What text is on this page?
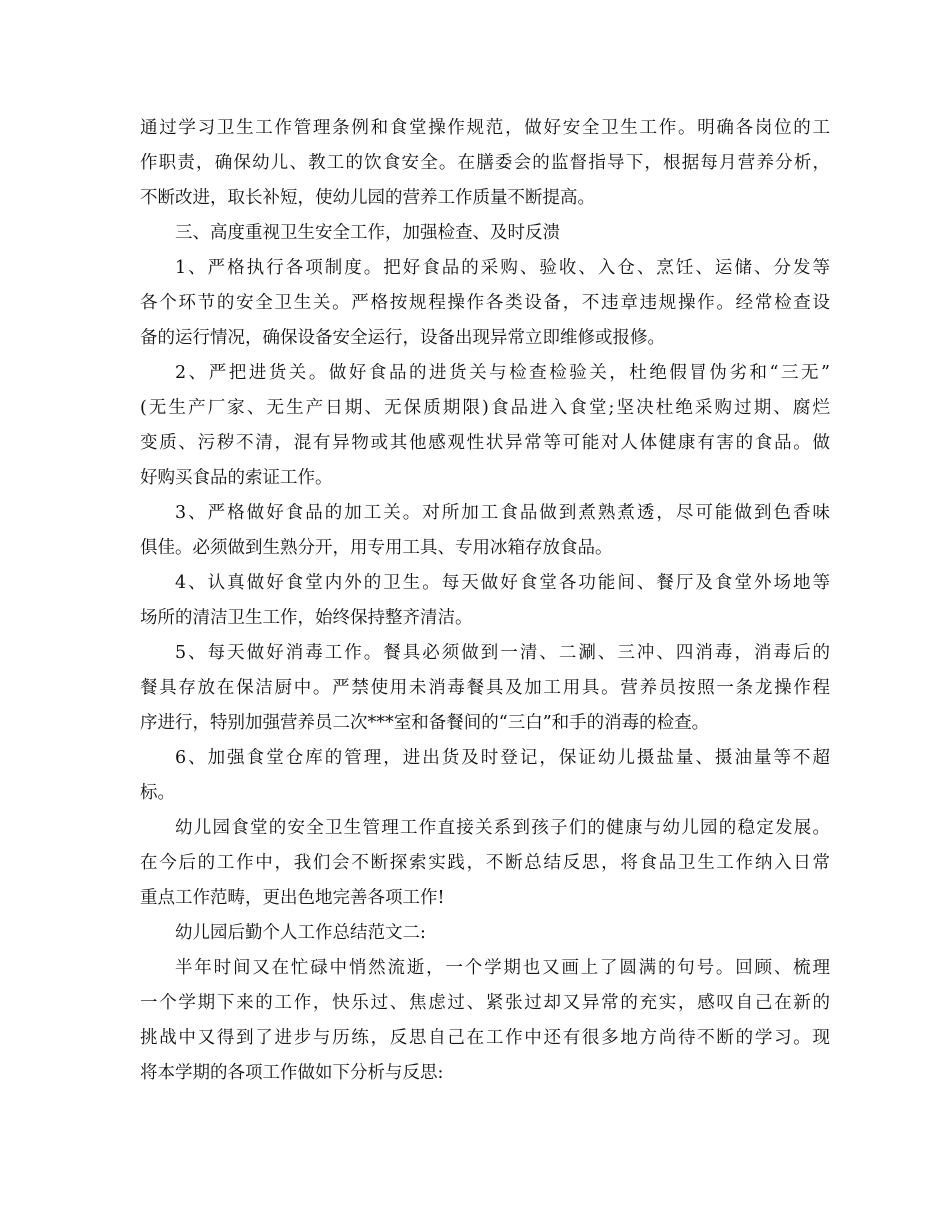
通过学习卫生工作管理条例和食堂操作规范，做好安全卫生工作。明确各岗位的工
作职责，确保幼儿、教工的饮食安全。在膳委会的监督指导下，根据每月营养分析，
不断改进，取长补短，使幼儿园的营养工作质量不断提高。
三、高度重视卫生安全工作，加强检查、及时反溃
1、严格执行各项制度。把好食品的采购、验收、入仓、烹饪、运储、分发等
各个环节的安全卫生关。严格按规程操作各类设备，不违章违规操作。经常检查设
备的运行情况，确保设备安全运行，设备出现异常立即维修或报修。
2、严把进货关。做好食品的进货关与检查检验关，杜绝假冒伪劣和“三无”
(无生产厂家、无生产日期、无保质期限)食品进入食堂;坚决杜绝采购过期、腐烂
变质、污秽不清，混有异物或其他感观性状异常等可能对人体健康有害的食品。做
好购买食品的索证工作。
3、严格做好食品的加工关。对所加工食品做到煮熟煮透，尽可能做到色香味
俱佳。必须做到生熟分开，用专用工具、专用冰箱存放食品。
4、认真做好食堂内外的卫生。每天做好食堂各功能间、餐厅及食堂外场地等
场所的清洁卫生工作，始终保持整齐清洁。
5、每天做好消毒工作。餐具必须做到一清、二涮、三冲、四消毒，消毒后的
餐具存放在保洁厨中。严禁使用未消毒餐具及加工用具。营养员按照一条龙操作程
序进行，特别加强营养员二次***室和备餐间的“三白”和手的消毒的检查。
6、加强食堂仓库的管理，进出货及时登记，保证幼儿摄盐量、摄油量等不超
标。
幼儿园食堂的安全卫生管理工作直接关系到孩子们的健康与幼儿园的稳定发展。
在今后的工作中，我们会不断探索实践，不断总结反思，将食品卫生工作纳入日常
重点工作范畴，更出色地完善各项工作!
幼儿园后勤个人工作总结范文二:
半年时间又在忙碌中悄然流逝，一个学期也又画上了圆满的句号。回顾、梳理
一个学期下来的工作，快乐过、焦虑过、紧张过却又异常的充实，感叹自己在新的
挑战中又得到了进步与历练，反思自己在工作中还有很多地方尚待不断的学习。现
将本学期的各项工作做如下分析与反思:
